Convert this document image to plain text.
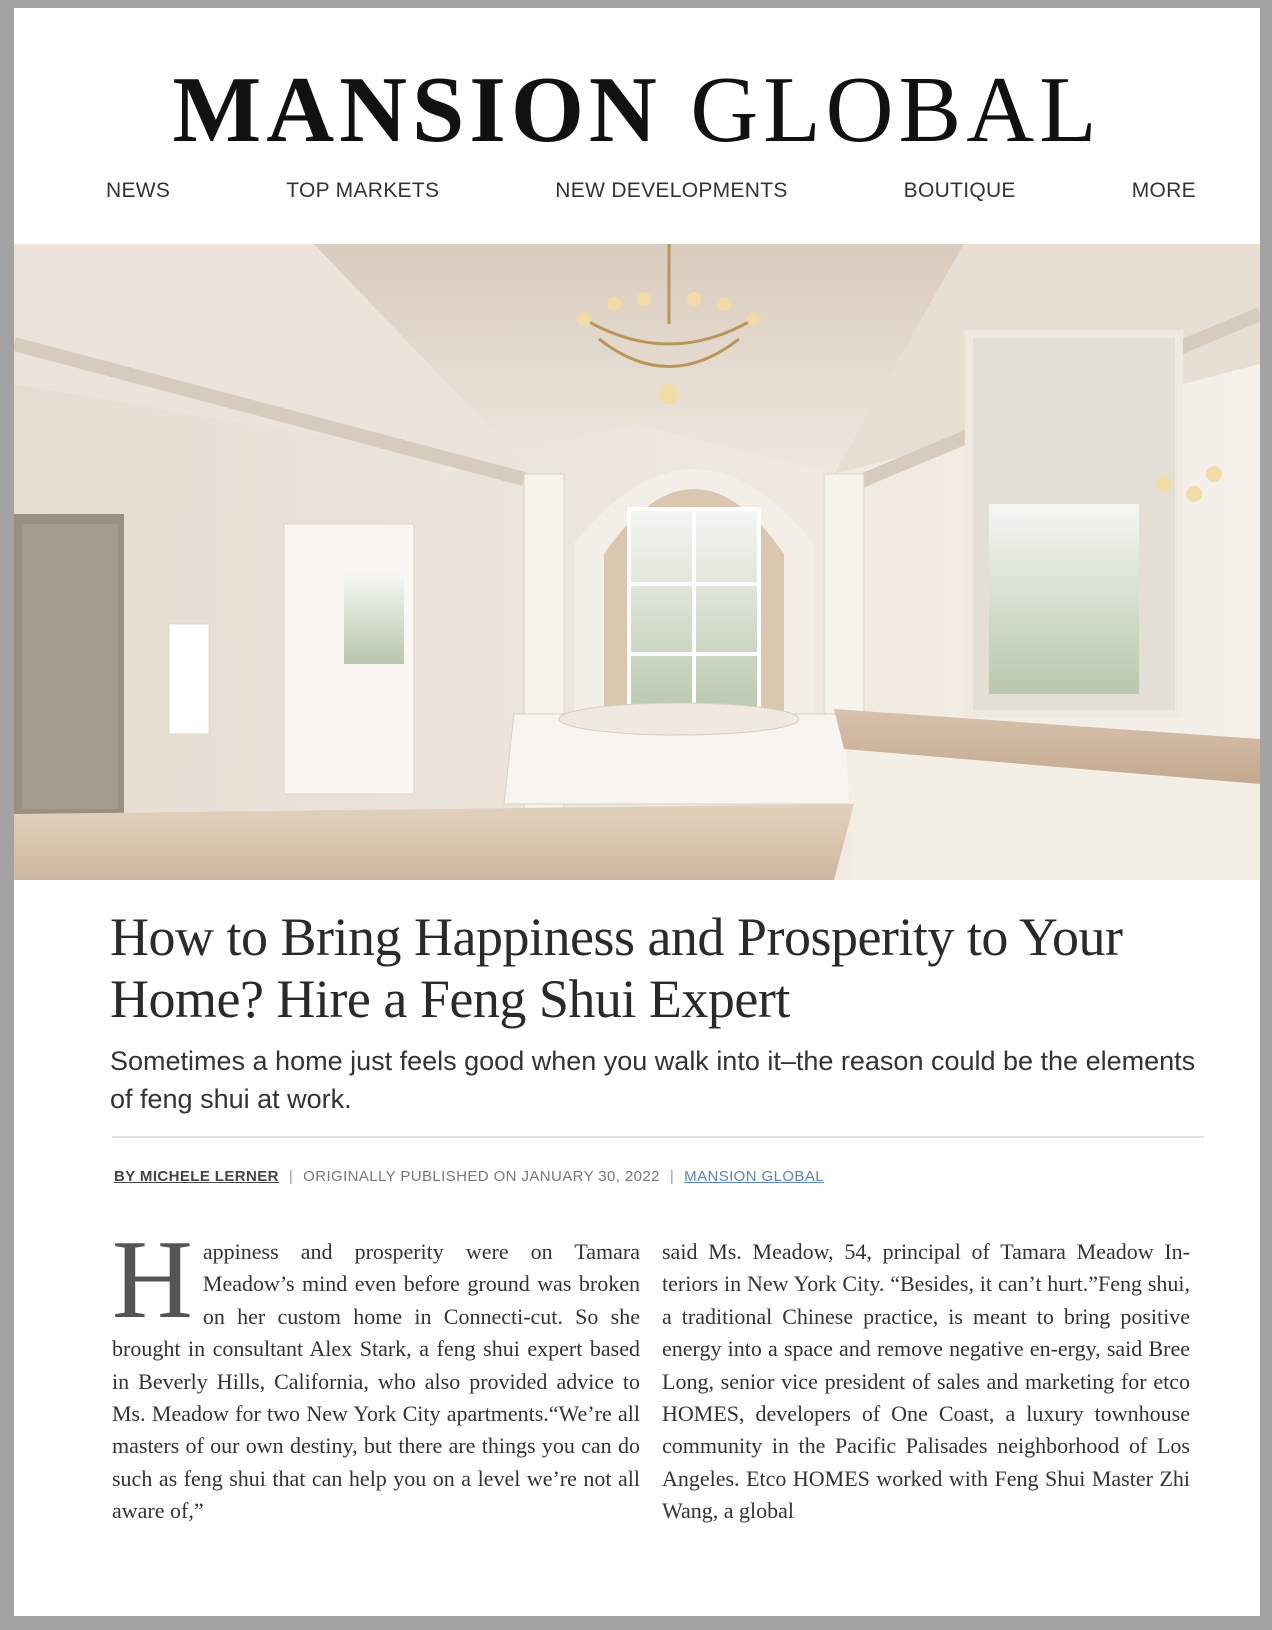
MANSION GLOBAL
NEWS	TOP MARKETS	NEW DEVELOPMENTS	BOUTIQUE	MORE
How to Bring Happiness and Prosperity to Your Home? Hire a Feng Shui Expert

Sometimes a home just feels good when you walk into it–the reason could be the elements of feng shui at work.

BY MICHELE LERNER | ORIGINALLY PUBLISHED ON JANUARY 30, 2022 | MANSION GLOBAL
Happiness and prosperity were on Tamara Meadow’s mind even before ground was broken on her custom home in Connecti-cut. So she brought in consultant Alex Stark, a feng shui expert based in Beverly Hills, California, who also provided advice to Ms. Meadow for two New York City apartments.“We’re all masters of our own destiny, but there are things you can do such as feng shui that can help you on a level we’re not all aware of,”
said Ms. Meadow, 54, principal of Tamara Meadow In-teriors in New York City. “Besides, it can’t hurt.”Feng shui, a traditional Chinese practice, is meant to bring positive energy into a space and remove negative en-ergy, said Bree Long, senior vice president of sales and marketing for etco HOMES, developers of One Coast, a luxury townhouse community in the Pacific Palisades neighborhood of Los Angeles. Etco HOMES worked with Feng Shui Master Zhi Wang, a global
